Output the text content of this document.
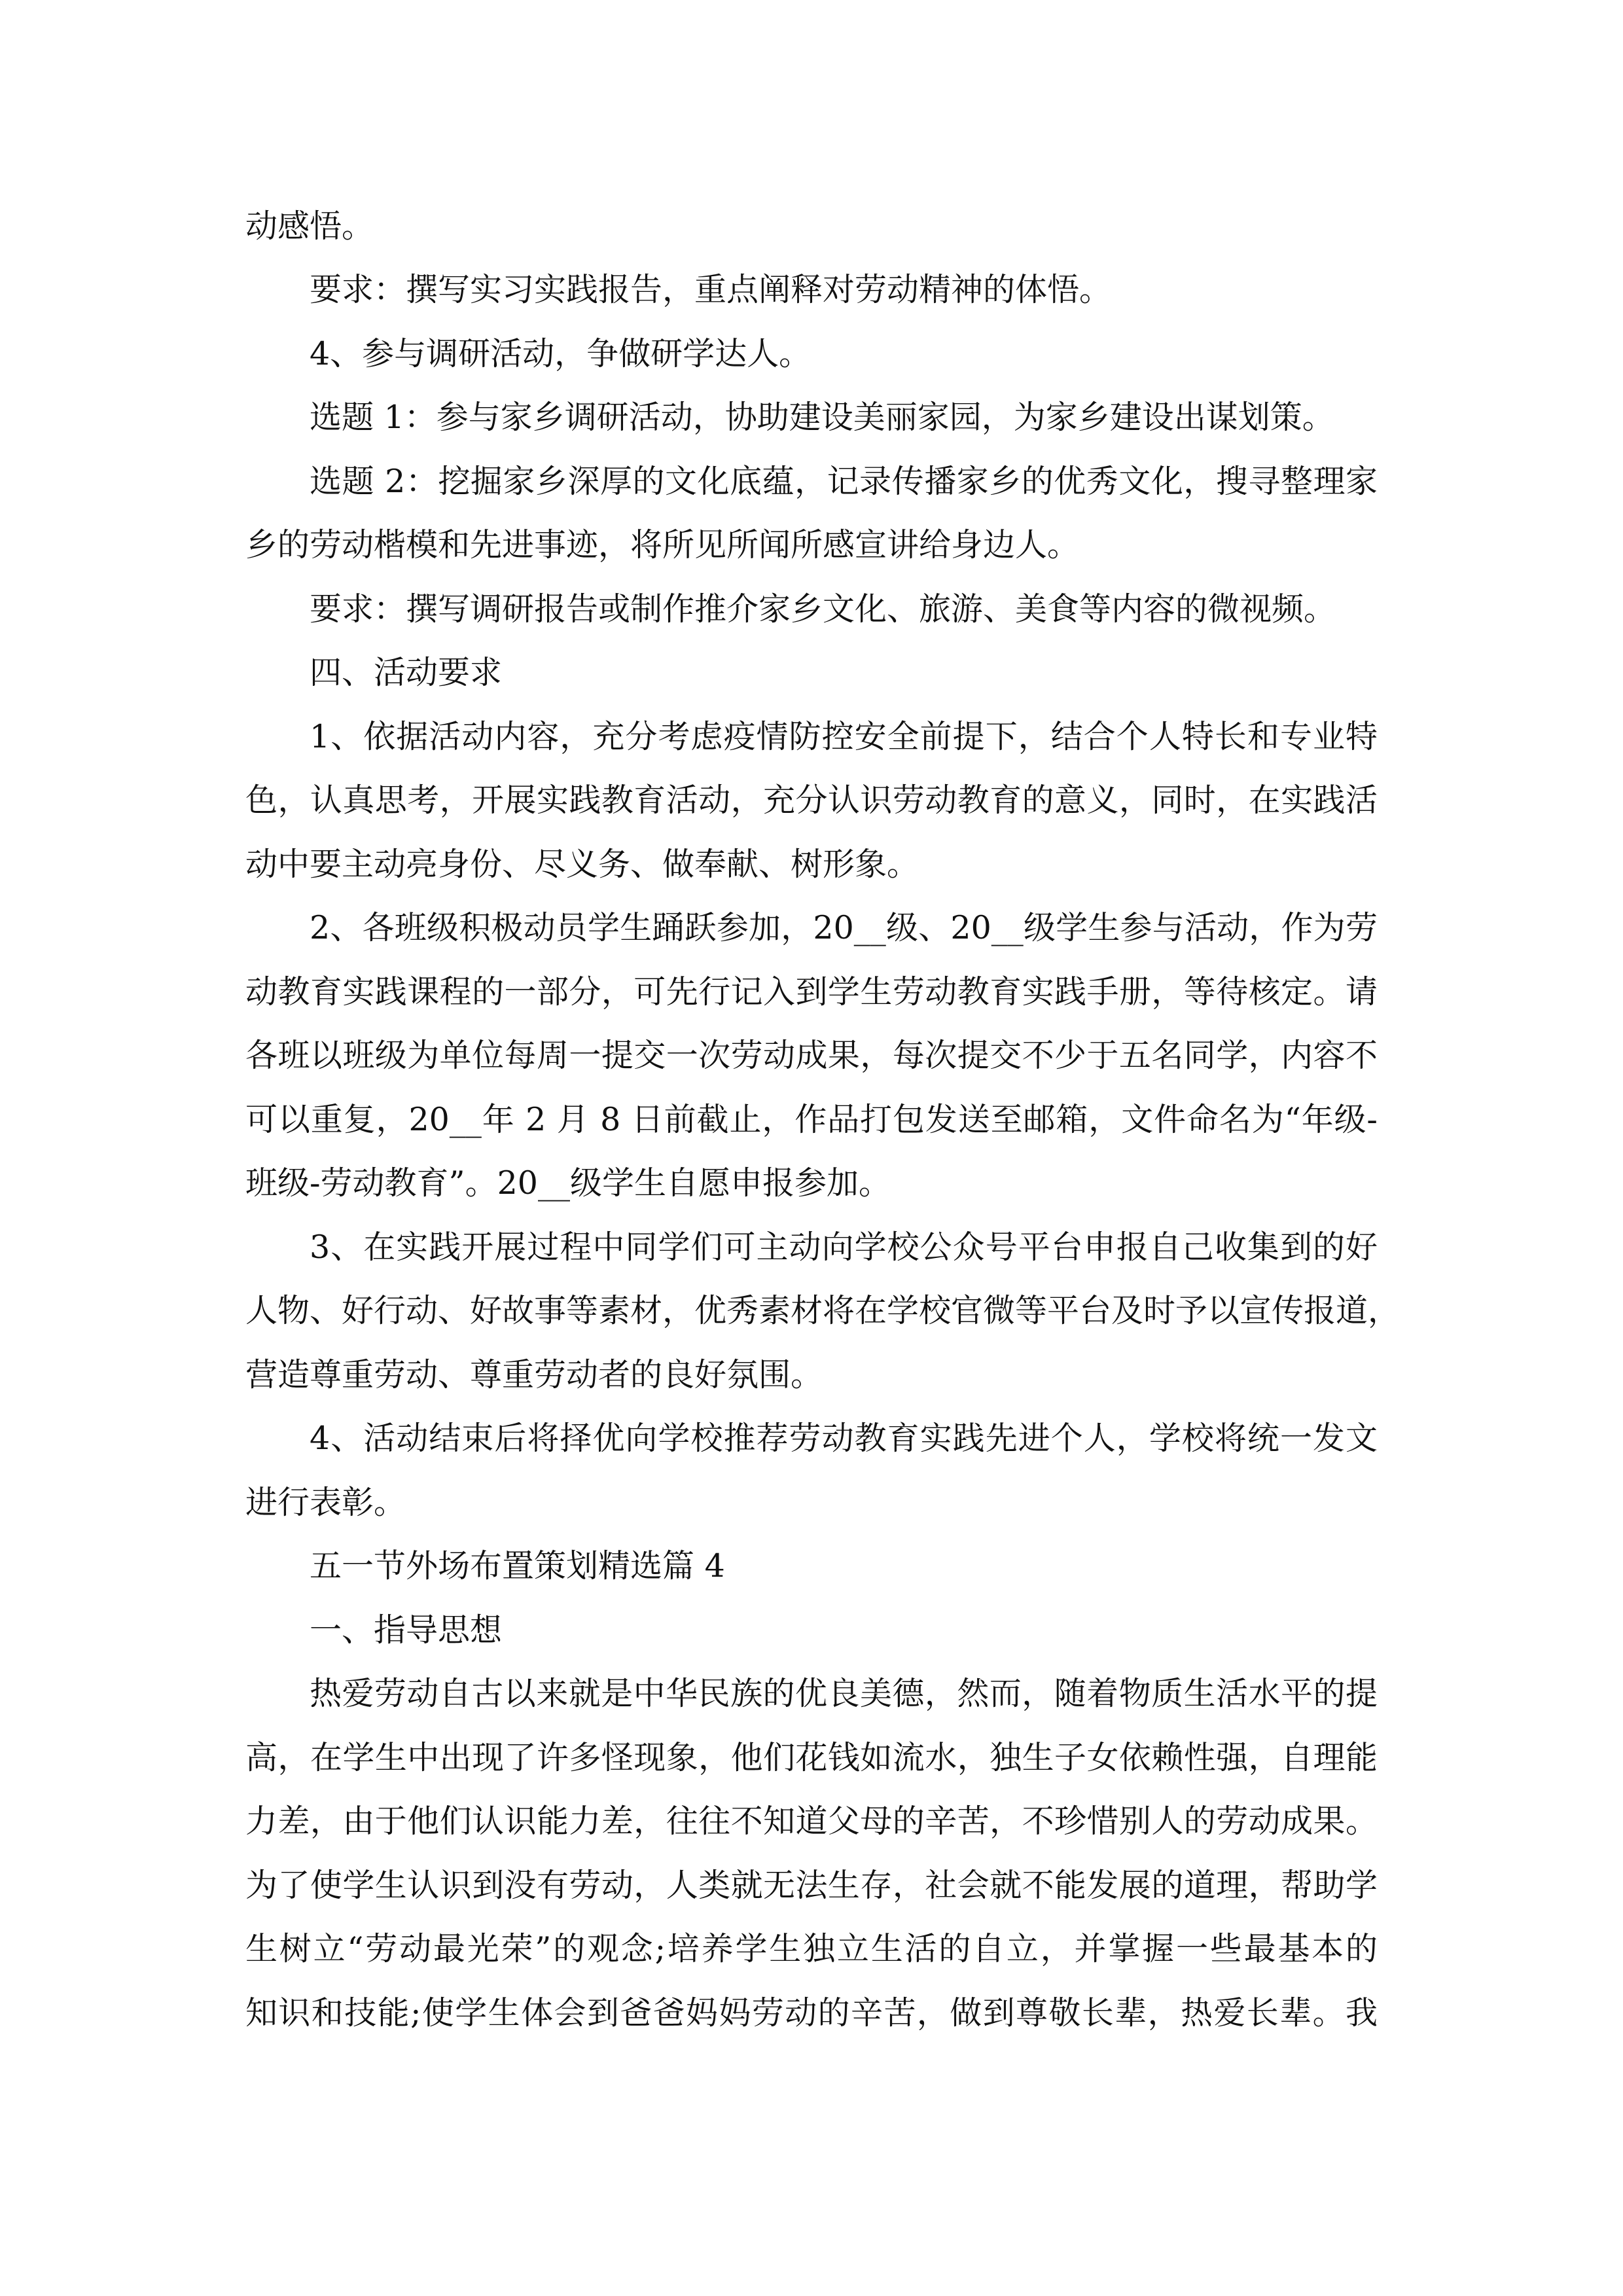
动感悟。
要求：撰写实习实践报告，重点阐释对劳动精神的体悟。
4、参与调研活动，争做研学达人。
选题 1：参与家乡调研活动，协助建设美丽家园，为家乡建设出谋划策。
选题 2：挖掘家乡深厚的文化底蕴，记录传播家乡的优秀文化，搜寻整理家
乡的劳动楷模和先进事迹，将所见所闻所感宣讲给身边人。
要求：撰写调研报告或制作推介家乡文化、旅游、美食等内容的微视频。
四、活动要求
1、依据活动内容，充分考虑疫情防控安全前提下，结合个人特长和专业特
色，认真思考，开展实践教育活动，充分认识劳动教育的意义，同时，在实践活
动中要主动亮身份、尽义务、做奉献、树形象。
2、各班级积极动员学生踊跃参加，20__级、20__级学生参与活动，作为劳
动教育实践课程的一部分，可先行记入到学生劳动教育实践手册，等待核定。请
各班以班级为单位每周一提交一次劳动成果，每次提交不少于五名同学，内容不
可以重复，20__年 2 月 8 日前截止，作品打包发送至邮箱，文件命名为“年级-
班级-劳动教育”。20__级学生自愿申报参加。
3、在实践开展过程中同学们可主动向学校公众号平台申报自己收集到的好
人物、好行动、好故事等素材，优秀素材将在学校官微等平台及时予以宣传报道，
营造尊重劳动、尊重劳动者的良好氛围。
4、活动结束后将择优向学校推荐劳动教育实践先进个人，学校将统一发文
进行表彰。
五一节外场布置策划精选篇 4
一、指导思想
热爱劳动自古以来就是中华民族的优良美德，然而，随着物质生活水平的提
高，在学生中出现了许多怪现象，他们花钱如流水，独生子女依赖性强，自理能
力差，由于他们认识能力差，往往不知道父母的辛苦，不珍惜别人的劳动成果。
为了使学生认识到没有劳动，人类就无法生存，社会就不能发展的道理，帮助学
生树立“劳动最光荣”的观念;培养学生独立生活的自立，并掌握一些最基本的
知识和技能;使学生体会到爸爸妈妈劳动的辛苦，做到尊敬长辈，热爱长辈。我
